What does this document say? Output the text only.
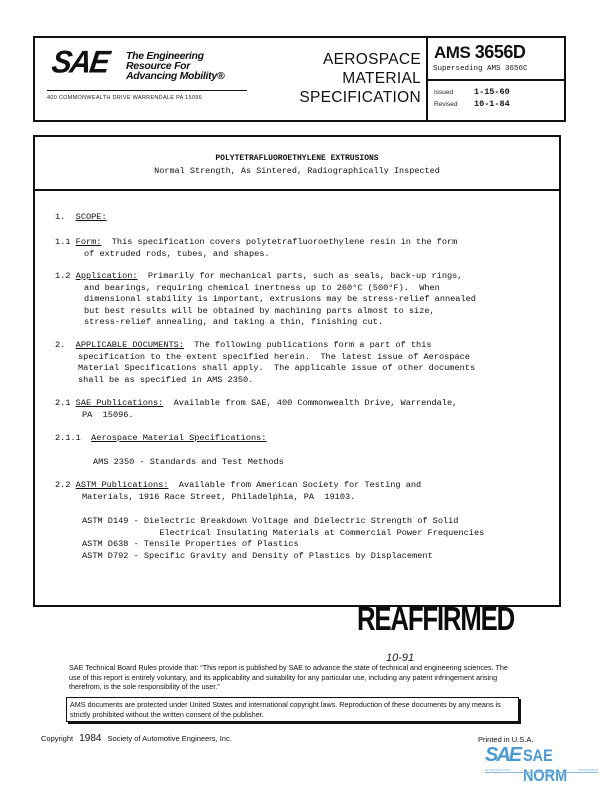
SAE The Engineering
Resource For
Advancing Mobility®
400 COMMONWEALTH DRIVE WARRENDALE PA 15096
AEROSPACE
MATERIAL
SPECIFICATION
AMS 3656D
Superseding AMS 3656C
Issued	1-15-60
Revised	10-1-84
POLYTETRAFLUOROETHYLENE EXTRUSIONS
Normal Strength, As Sintered, Radiographically Inspected
1. SCOPE:
1.1 Form:  This specification covers polytetrafluoroethylene resin in the form
of extruded rods, tubes, and shapes.
1.2 Application:  Primarily for mechanical parts, such as seals, back-up rings,
and bearings, requiring chemical inertness up to 260°C (500°F).  When
dimensional stability is important, extrusions may be stress-relief annealed
but best results will be obtained by machining parts almost to size,
stress-relief annealing, and taking a thin, finishing cut.
2. APPLICABLE DOCUMENTS:  The following publications form a part of this
specification to the extent specified herein.  The latest issue of Aerospace
Material Specifications shall apply.  The applicable issue of other documents
shall be as specified in AMS 2350.
2.1 SAE Publications:  Available from SAE, 400 Commonwealth Drive, Warrendale,
PA  15096.
2.1.1 Aerospace Material Specifications:
AMS 2350 - Standards and Test Methods
2.2 ASTM Publications:  Available from American Society for Testing and
Materials, 1916 Race Street, Philadelphia, PA  19103.
ASTM D149 - Dielectric Breakdown Voltage and Dielectric Strength of Solid
Electrical Insulating Materials at Commercial Power Frequencies
ASTM D638 - Tensile Properties of Plastics
ASTM D792 - Specific Gravity and Density of Plastics by Displacement
REAFFIRMED
10-91
SAE Technical Board Rules provide that: “This report is published by SAE to advance the state of technical and engineering sciences. The use of this report is entirely voluntary, and its applicability and suitability for any particular use, including any patent infringement arising therefrom, is the sole responsibility of the user.”
AMS documents are protected under United States and international copyright laws. Reproduction of these documents by any means is strictly prohibited without the written consent of the publisher.
Copyright 1984 Society of Automotive Engineers, Inc.	Printed in U.S.A.
SAE SAE NORM
INTERNATIONAL	STANDARDS
